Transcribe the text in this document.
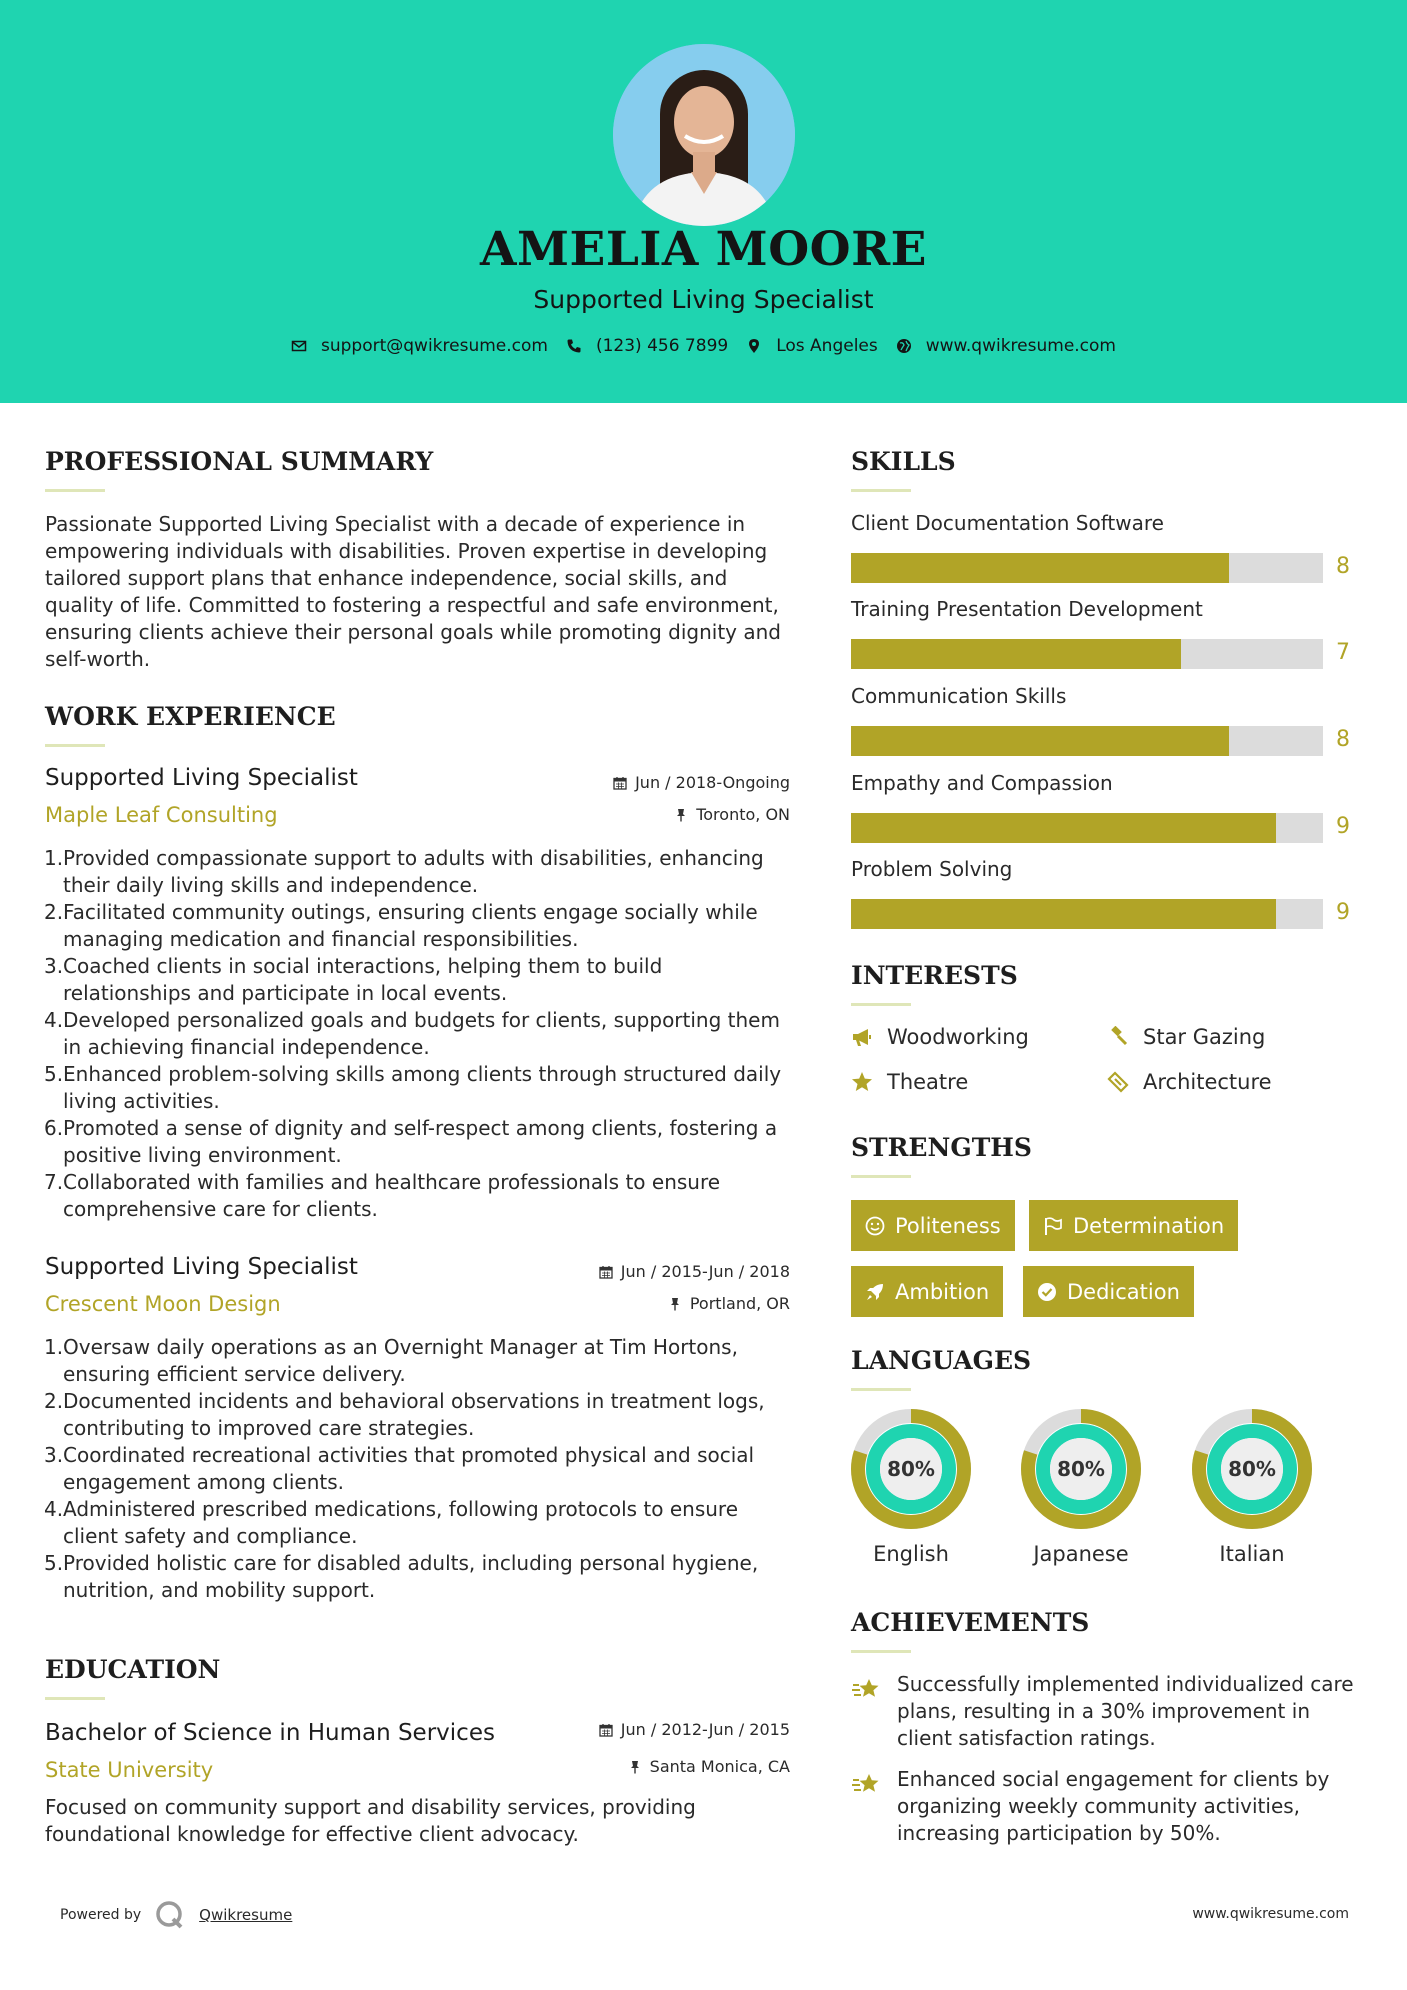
AMELIA MOORE
Supported Living Specialist
support@qwikresume.com	(123) 456 7899	Los Angeles	www.qwikresume.com
PROFESSIONAL SUMMARY
Passionate Supported Living Specialist with a decade of experience in empowering individuals with disabilities. Proven expertise in developing tailored support plans that enhance independence, social skills, and quality of life. Committed to fostering a respectful and safe environment, ensuring clients achieve their personal goals while promoting dignity and self-worth.
WORK EXPERIENCE
Supported Living Specialist
Maple Leaf Consulting
Jun / 2018-Ongoing
Toronto, ON
Provided compassionate support to adults with disabilities, enhancing their daily living skills and independence.
Facilitated community outings, ensuring clients engage socially while managing medication and financial responsibilities.
Coached clients in social interactions, helping them to build relationships and participate in local events.
Developed personalized goals and budgets for clients, supporting them in achieving financial independence.
Enhanced problem-solving skills among clients through structured daily living activities.
Promoted a sense of dignity and self-respect among clients, fostering a positive living environment.
Collaborated with families and healthcare professionals to ensure comprehensive care for clients.
Supported Living Specialist
Crescent Moon Design
Jun / 2015-Jun / 2018
Portland, OR
Oversaw daily operations as an Overnight Manager at Tim Hortons, ensuring efficient service delivery.
Documented incidents and behavioral observations in treatment logs, contributing to improved care strategies.
Coordinated recreational activities that promoted physical and social engagement among clients.
Administered prescribed medications, following protocols to ensure client safety and compliance.
Provided holistic care for disabled adults, including personal hygiene, nutrition, and mobility support.
EDUCATION
Bachelor of Science in Human Services
State University
Jun / 2012-Jun / 2015
Santa Monica, CA
Focused on community support and disability services, providing foundational knowledge for effective client advocacy.
SKILLS
Client Documentation Software
8
Training Presentation Development
7
Communication Skills
8
Empathy and Compassion
9
Problem Solving
9
INTERESTS
Woodworking	Star Gazing
Theatre	Architecture
STRENGTHS
Politeness	Determination
Ambition	Dedication
LANGUAGES
80%
English
80%
Japanese
80%
Italian
ACHIEVEMENTS
Successfully implemented individualized care plans, resulting in a 30% improvement in client satisfaction ratings.
Enhanced social engagement for clients by organizing weekly community activities, increasing participation by 50%.
Powered by	Qwikresume	www.qwikresume.com
